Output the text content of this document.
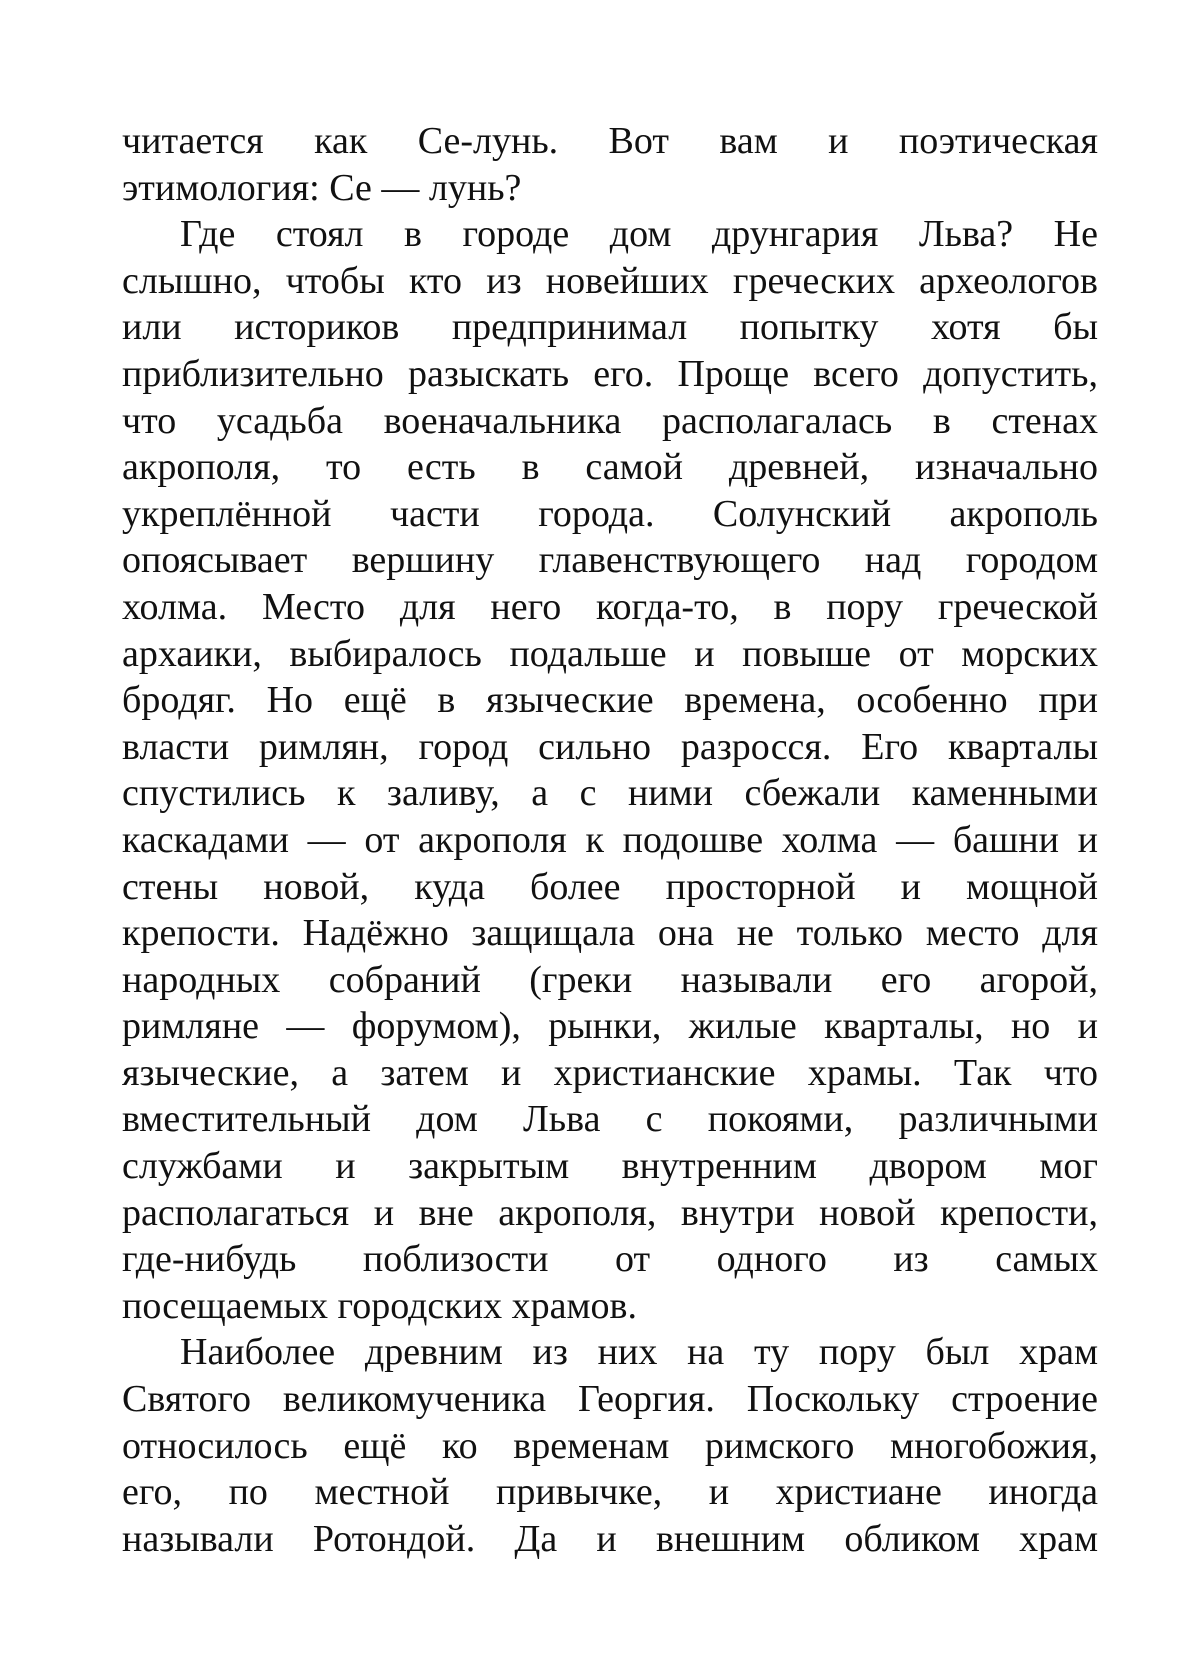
читается как Се-лунь. Вот вам и поэтическая
этимология: Се — лунь?
Где стоял в городе дом друнгария Льва? Не
слышно, чтобы кто из новейших греческих археологов
или историков предпринимал попытку хотя бы
приблизительно разыскать его. Проще всего допустить,
что усадьба военачальника располагалась в стенах
акрополя, то есть в самой древней, изначально
укреплённой части города. Солунский акрополь
опоясывает вершину главенствующего над городом
холма. Место для него когда-то, в пору греческой
архаики, выбиралось подальше и повыше от морских
бродяг. Но ещё в языческие времена, особенно при
власти римлян, город сильно разросся. Его кварталы
спустились к заливу, а с ними сбежали каменными
каскадами — от акрополя к подошве холма — башни и
стены новой, куда более просторной и мощной
крепости. Надёжно защищала она не только место для
народных собраний (греки называли его агорой,
римляне — форумом), рынки, жилые кварталы, но и
языческие, а затем и христианские храмы. Так что
вместительный дом Льва с покоями, различными
службами и закрытым внутренним двором мог
располагаться и вне акрополя, внутри новой крепости,
где-нибудь поблизости от одного из самых
посещаемых городских храмов.
Наиболее древним из них на ту пору был храм
Святого великомученика Георгия. Поскольку строение
относилось ещё ко временам римского многобожия,
его, по местной привычке, и христиане иногда
называли Ротондой. Да и внешним обликом храм
